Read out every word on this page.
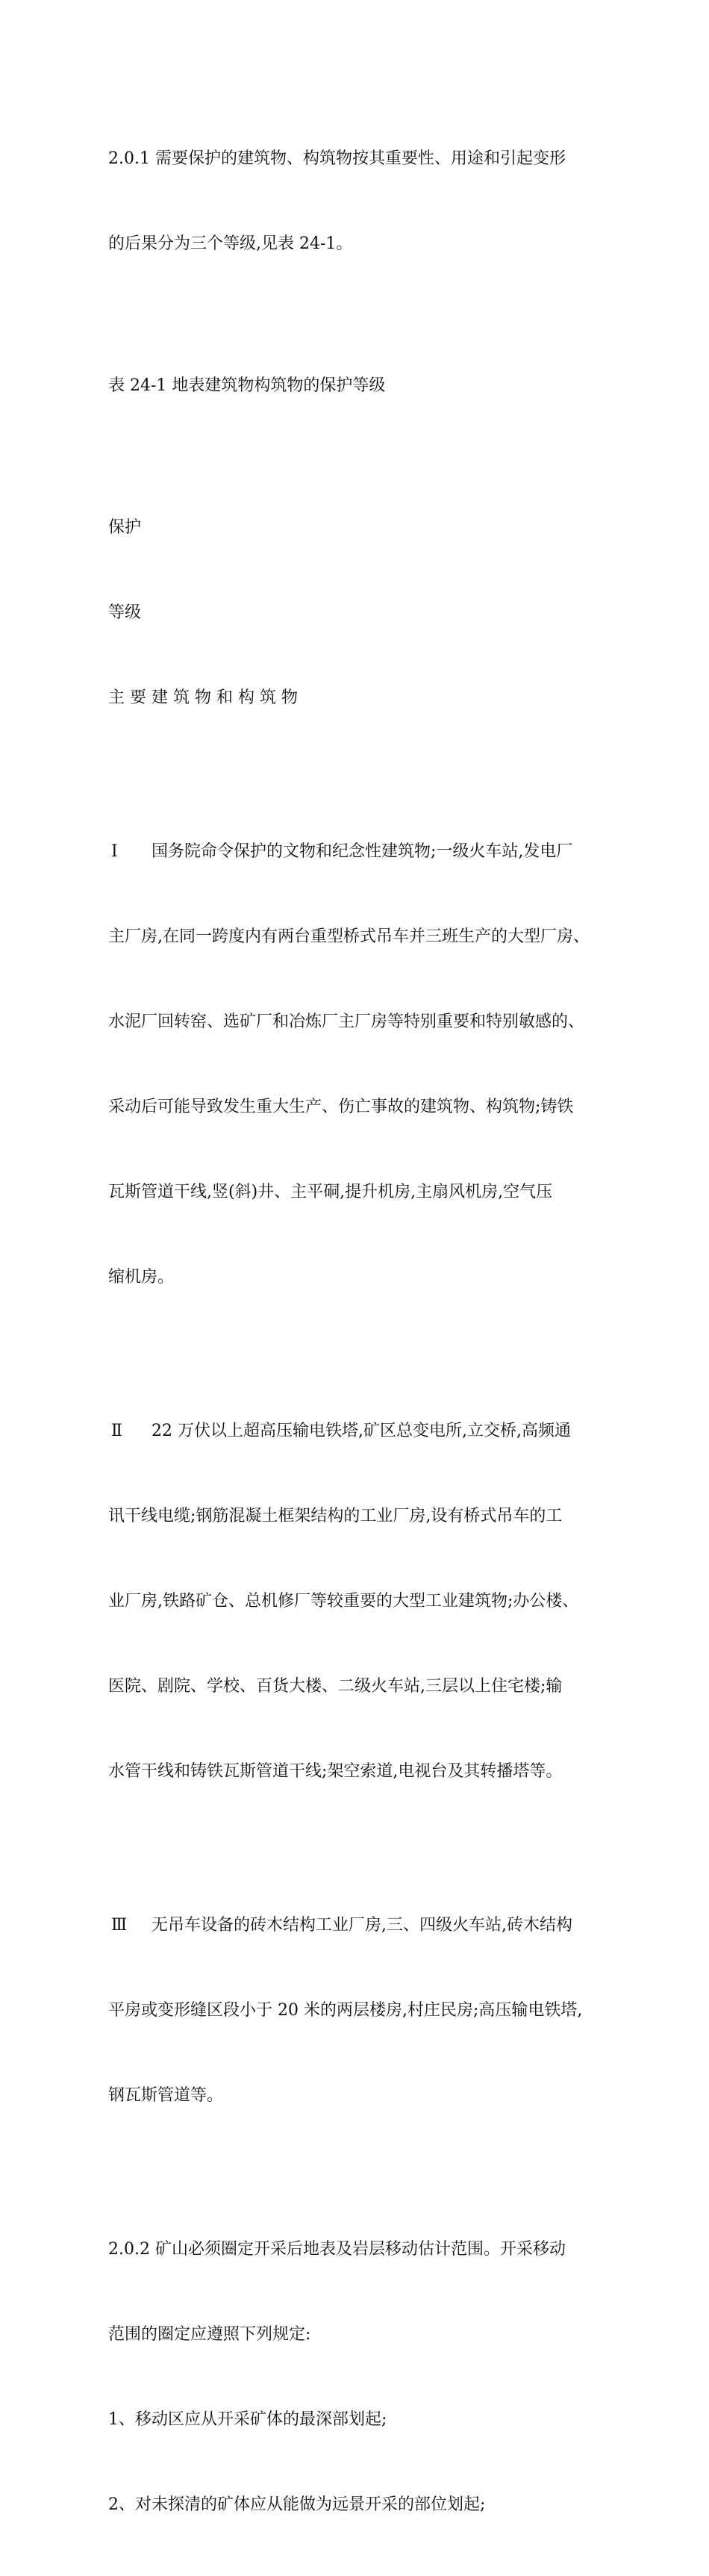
2.0.1 需要保护的建筑物、构筑物按其重要性、用途和引起变形

的后果分为三个等级,见表 24-1。

表 24-1 地表建筑物构筑物的保护等级

保护

等级

主 要 建 筑 物 和 构 筑 物

Ⅰ 国务院命令保护的文物和纪念性建筑物;一级火车站,发电厂

主厂房,在同一跨度内有两台重型桥式吊车并三班生产的大型厂房、

水泥厂回转窑、选矿厂和冶炼厂主厂房等特别重要和特别敏感的、

采动后可能导致发生重大生产、伤亡事故的建筑物、构筑物;铸铁

瓦斯管道干线,竖(斜)井、主平硐,提升机房,主扇风机房,空气压

缩机房。

Ⅱ 22 万伏以上超高压输电铁塔,矿区总变电所,立交桥,高频通

讯干线电缆;钢筋混凝土框架结构的工业厂房,设有桥式吊车的工

业厂房,铁路矿仓、总机修厂等较重要的大型工业建筑物;办公楼、

医院、剧院、学校、百货大楼、二级火车站,三层以上住宅楼;输

水管干线和铸铁瓦斯管道干线;架空索道,电视台及其转播塔等。

Ⅲ 无吊车设备的砖木结构工业厂房,三、四级火车站,砖木结构

平房或变形缝区段小于 20 米的两层楼房,村庄民房;高压输电铁塔,

钢瓦斯管道等。

2.0.2 矿山必须圈定开采后地表及岩层移动估计范围。开采移动

范围的圈定应遵照下列规定:

1、移动区应从开采矿体的最深部划起;

2、对未探清的矿体应从能做为远景开采的部位划起;
